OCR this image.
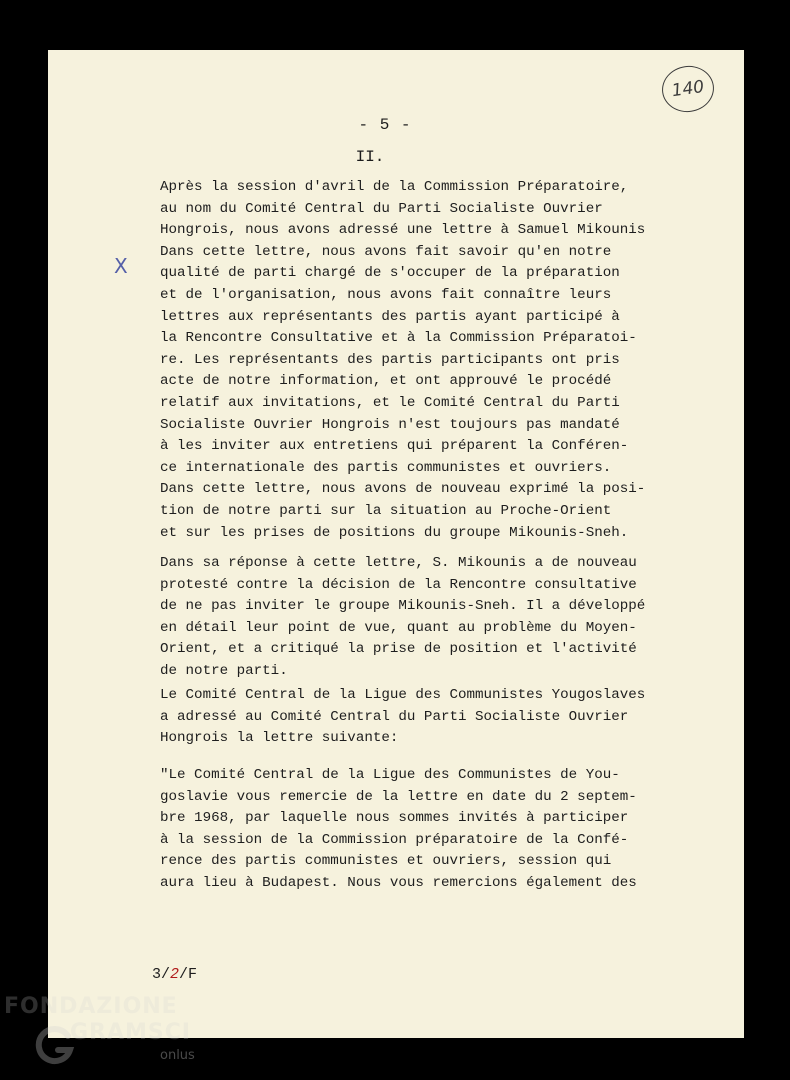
140
- 5 -
II.
X
Après la session d'avril de la Commission Préparatoire,
au nom du Comité Central du Parti Socialiste Ouvrier
Hongrois, nous avons adressé une lettre à Samuel Mikounis
Dans cette lettre, nous avons fait savoir qu'en notre
qualité de parti chargé de s'occuper de la préparation
et de l'organisation, nous avons fait connaître leurs
lettres aux représentants des partis ayant participé à
la Rencontre Consultative et à la Commission Préparatoi-
re. Les représentants des partis participants ont pris
acte de notre information, et ont approuvé le procédé
relatif aux invitations, et le Comité Central du Parti
Socialiste Ouvrier Hongrois n'est toujours pas mandaté
à les inviter aux entretiens qui préparent la Conféren-
ce internationale des partis communistes et ouvriers.
Dans cette lettre, nous avons de nouveau exprimé la posi-
tion de notre parti sur la situation au Proche-Orient
et sur les prises de positions du groupe Mikounis-Sneh.
Dans sa réponse à cette lettre, S. Mikounis a de nouveau
protesté contre la décision de la Rencontre consultative
de ne pas inviter le groupe Mikounis-Sneh. Il a développé
en détail leur point de vue, quant au problème du Moyen-
Orient, et a critiqué la prise de position et l'activité
de notre parti.
Le Comité Central de la Ligue des Communistes Yougoslaves
a adressé au Comité Central du Parti Socialiste Ouvrier
Hongrois la lettre suivante:
"Le Comité Central de la Ligue des Communistes de You-
goslavie vous remercie de la lettre en date du 2 septem-
bre 1968, par laquelle nous sommes invités à participer
à la session de la Commission préparatoire de la Confé-
rence des partis communistes et ouvriers, session qui
aura lieu à Budapest. Nous vous remercions également des
3/2/F
FONDAZIONE
GRAMSCI
onlus
